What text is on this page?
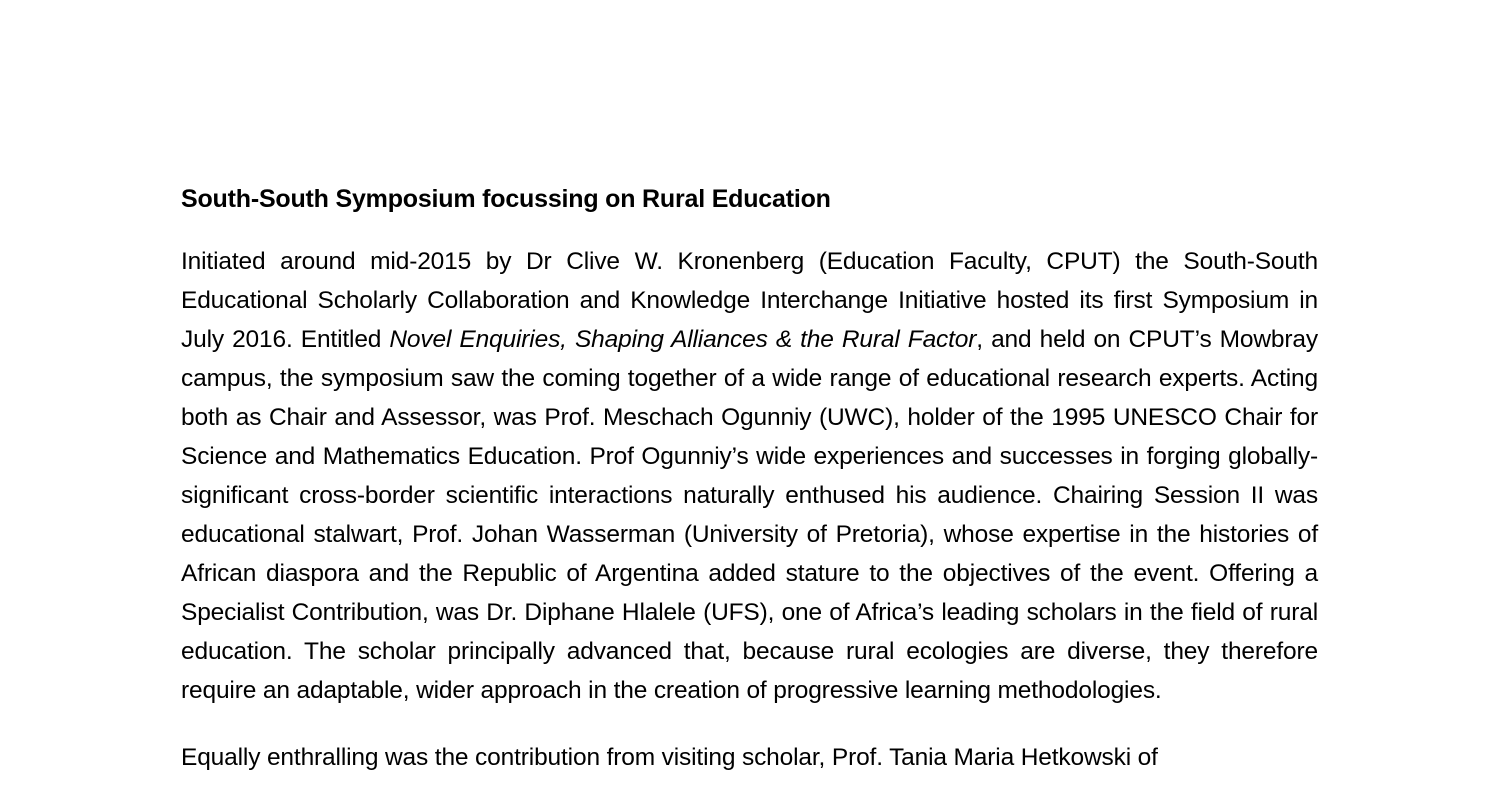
South-South Symposium focussing on Rural Education

Initiated around mid-2015 by Dr Clive W. Kronenberg (Education Faculty, CPUT) the South-South Educational Scholarly Collaboration and Knowledge Interchange Initiative hosted its first Symposium in July 2016. Entitled Novel Enquiries, Shaping Alliances & the Rural Factor, and held on CPUT’s Mowbray campus, the symposium saw the coming together of a wide range of educational research experts. Acting both as Chair and Assessor, was Prof. Meschach Ogunniy (UWC), holder of the 1995 UNESCO Chair for Science and Mathematics Education. Prof Ogunniy’s wide experiences and successes in forging globally-significant cross-border scientific interactions naturally enthused his audience. Chairing Session II was educational stalwart, Prof. Johan Wasserman (University of Pretoria), whose expertise in the histories of African diaspora and the Republic of Argentina added stature to the objectives of the event. Offering a Specialist Contribution, was Dr. Diphane Hlalele (UFS), one of Africa’s leading scholars in the field of rural education. The scholar principally advanced that, because rural ecologies are diverse, they therefore require an adaptable, wider approach in the creation of progressive learning methodologies.

Equally enthralling was the contribution from visiting scholar, Prof. Tania Maria Hetkowski of
